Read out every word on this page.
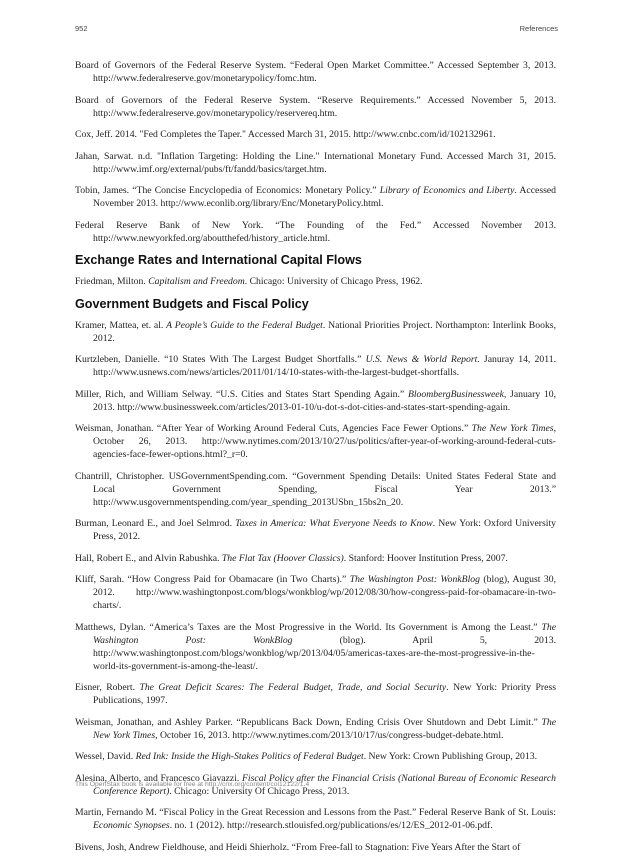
952	References

Board of Governors of the Federal Reserve System. “Federal Open Market Committee.” Accessed September 3, 2013. http://www.federalreserve.gov/monetarypolicy/fomc.htm.

Board of Governors of the Federal Reserve System. “Reserve Requirements.” Accessed November 5, 2013. http://www.federalreserve.gov/monetarypolicy/reservereq.htm.

Cox, Jeff. 2014. "Fed Completes the Taper." Accessed March 31, 2015. http://www.cnbc.com/id/102132961.

Jahan, Sarwat. n.d. "Inflation Targeting: Holding the Line." International Monetary Fund. Accessed March 31, 2015. http://www.imf.org/external/pubs/ft/fandd/basics/target.htm.

Tobin, James. “The Concise Encyclopedia of Economics: Monetary Policy.” Library of Economics and Liberty. Accessed November 2013. http://www.econlib.org/library/Enc/MonetaryPolicy.html.

Federal Reserve Bank of New York. “The Founding of the Fed.” Accessed November 2013. http://www.newyorkfed.org/aboutthefed/history_article.html.

Exchange Rates and International Capital Flows

Friedman, Milton. Capitalism and Freedom. Chicago: University of Chicago Press, 1962.

Government Budgets and Fiscal Policy

Kramer, Mattea, et. al. A People’s Guide to the Federal Budget. National Priorities Project. Northampton: Interlink Books, 2012.

Kurtzleben, Danielle. “10 States With The Largest Budget Shortfalls.” U.S. News & World Report. Januray 14, 2011. http://www.usnews.com/news/articles/2011/01/14/10-states-with-the-largest-budget-shortfalls.

Miller, Rich, and William Selway. “U.S. Cities and States Start Spending Again.” BloombergBusinessweek, January 10, 2013. http://www.businessweek.com/articles/2013-01-10/u-dot-s-dot-cities-and-states-start-spending-again.

Weisman, Jonathan. “After Year of Working Around Federal Cuts, Agencies Face Fewer Options.” The New York Times, October 26, 2013. http://www.nytimes.com/2013/10/27/us/politics/after-year-of-working-around-federal-cuts-agencies-face-fewer-options.html?_r=0.

Chantrill, Christopher. USGovernmentSpending.com. “Government Spending Details: United States Federal State and Local Government Spending, Fiscal Year 2013.” http://www.usgovernmentspending.com/year_spending_2013USbn_15bs2n_20.

Burman, Leonard E., and Joel Selmrod. Taxes in America: What Everyone Needs to Know. New York: Oxford University Press, 2012.

Hall, Robert E., and Alvin Rabushka. The Flat Tax (Hoover Classics). Stanford: Hoover Institution Press, 2007.

Kliff, Sarah. “How Congress Paid for Obamacare (in Two Charts).” The Washington Post: WonkBlog (blog), August 30, 2012. http://www.washingtonpost.com/blogs/wonkblog/wp/2012/08/30/how-congress-paid-for-obamacare-in-two-charts/.

Matthews, Dylan. “America’s Taxes are the Most Progressive in the World. Its Government is Among the Least.” The Washington Post: WonkBlog (blog). April 5, 2013. http://www.washingtonpost.com/blogs/wonkblog/wp/2013/04/05/americas-taxes-are-the-most-progressive-in-the-world-its-government-is-among-the-least/.

Eisner, Robert. The Great Deficit Scares: The Federal Budget, Trade, and Social Security. New York: Priority Press Publications, 1997.

Weisman, Jonathan, and Ashley Parker. “Republicans Back Down, Ending Crisis Over Shutdown and Debt Limit.” The New York Times, October 16, 2013. http://www.nytimes.com/2013/10/17/us/congress-budget-debate.html.

Wessel, David. Red Ink: Inside the High-Stakes Politics of Federal Budget. New York: Crown Publishing Group, 2013.

Alesina, Alberto, and Francesco Giavazzi. Fiscal Policy after the Financial Crisis (National Bureau of Economic Research Conference Report). Chicago: University Of Chicago Press, 2013.

Martin, Fernando M. “Fiscal Policy in the Great Recession and Lessons from the Past.” Federal Reserve Bank of St. Louis: Economic Synopses. no. 1 (2012). http://research.stlouisfed.org/publications/es/12/ES_2012-01-06.pdf.

Bivens, Josh, Andrew Fieldhouse, and Heidi Shierholz. “From Free-fall to Stagnation: Five Years After the Start of

This OpenStax book is available for free at http://cnx.org/content/col12122/1.4
